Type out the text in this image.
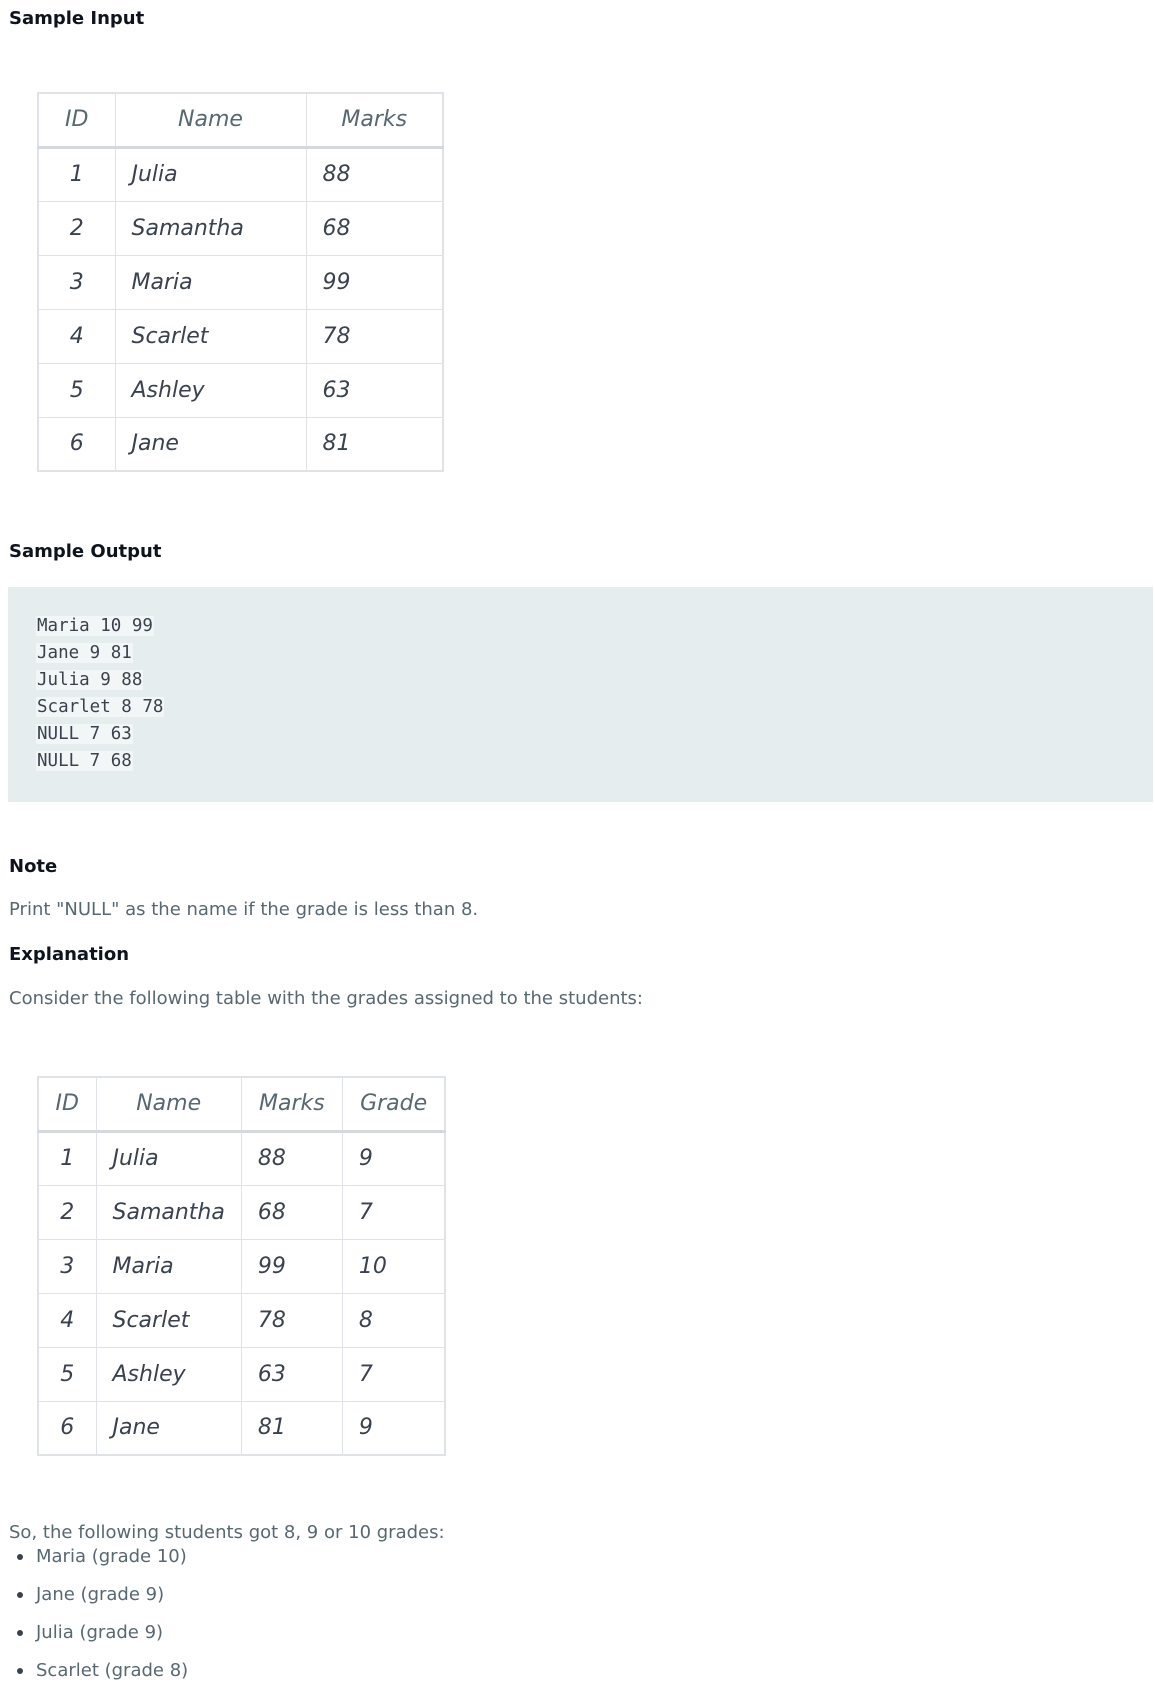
Sample Input
ID	Name	Marks
1	Julia	88
2	Samantha	68
3	Maria	99
4	Scarlet	78
5	Ashley	63
6	Jane	81
Sample Output
Maria 10 99
Jane 9 81
Julia 9 88
Scarlet 8 78
NULL 7 63
NULL 7 68
Note

Print "NULL" as the name if the grade is less than 8.

Explanation

Consider the following table with the grades assigned to the students:

ID	Name	Marks	Grade
1	Julia	88	9
2	Samantha	68	7
3	Maria	99	10
4	Scarlet	78	8
5	Ashley	63	7
6	Jane	81	9

So, the following students got 8, 9 or 10 grades:

Maria (grade 10)
Jane (grade 9)
Julia (grade 9)
Scarlet (grade 8)
